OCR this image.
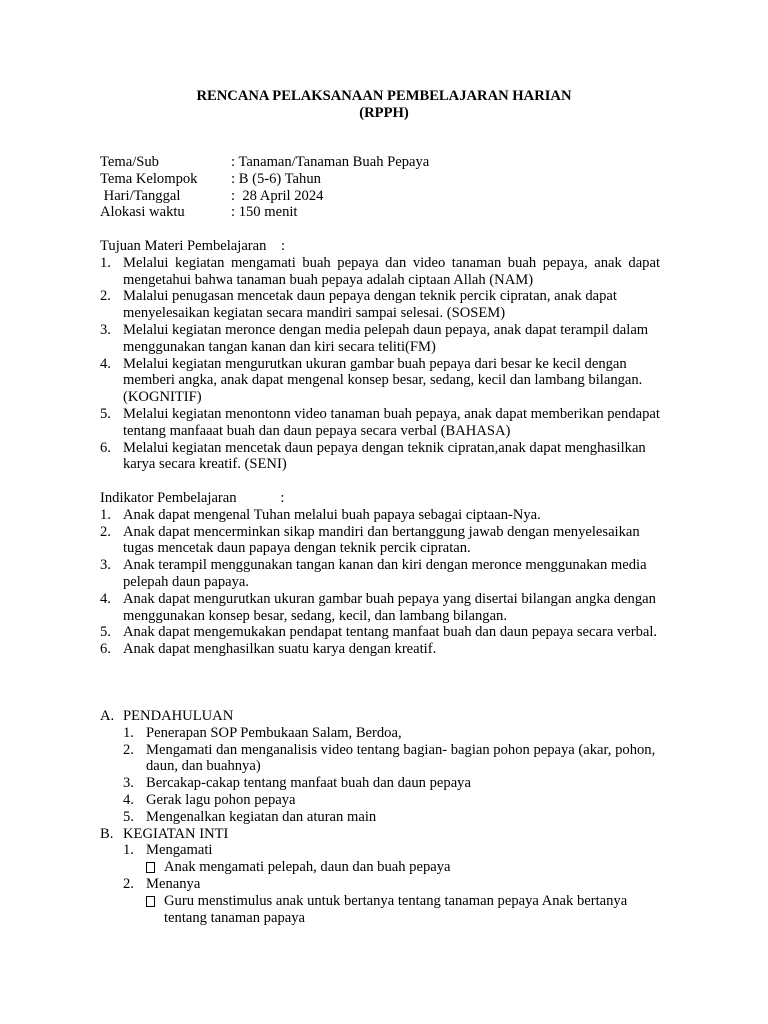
RENCANA PELAKSANAAN PEMBELAJARAN HARIAN
(RPPH)
Tema/Sub	: Tanaman/Tanaman Buah Pepaya
Tema Kelompok : B (5-6) Tahun
Hari/Tanggal	:  28 April 2024
Alokasi waktu	: 150 menit
Tujuan Materi Pembelajaran    :
1. Melalui kegiatan mengamati buah pepaya dan video tanaman buah pepaya, anak dapat mengetahui bahwa tanaman buah pepaya adalah ciptaan Allah (NAM)
2. Malalui penugasan mencetak daun pepaya dengan teknik percik cipratan, anak dapat menyelesaikan kegiatan secara mandiri sampai selesai. (SOSEM)
3. Melalui kegiatan meronce dengan media pelepah daun pepaya, anak dapat terampil dalam menggunakan tangan kanan dan kiri secara teliti(FM)
4. Melalui kegiatan mengurutkan ukuran gambar buah pepaya dari besar ke kecil dengan memberi angka, anak dapat mengenal konsep besar, sedang, kecil dan lambang bilangan. (KOGNITIF)
5. Melalui kegiatan menontonn video tanaman buah pepaya, anak dapat memberikan pendapat tentang manfaaat buah dan daun pepaya secara verbal (BAHASA)
6. Melalui kegiatan mencetak daun pepaya dengan teknik cipratan,anak dapat menghasilkan karya secara kreatif. (SENI)
Indikator Pembelajaran            :
1. Anak dapat mengenal Tuhan melalui buah papaya sebagai ciptaan-Nya.
2. Anak dapat mencerminkan sikap mandiri dan bertanggung jawab dengan menyelesaikan tugas mencetak daun papaya dengan teknik percik cipratan.
3. Anak terampil menggunakan tangan kanan dan kiri dengan meronce menggunakan media pelepah daun papaya.
4. Anak dapat mengurutkan ukuran gambar buah pepaya yang disertai bilangan angka dengan menggunakan konsep besar, sedang, kecil, dan lambang bilangan.
5. Anak dapat mengemukakan pendapat tentang manfaat buah dan daun pepaya secara verbal.
6. Anak dapat menghasilkan suatu karya dengan kreatif.
A. PENDAHULUAN
1. Penerapan SOP Pembukaan Salam, Berdoa,
2. Mengamati dan menganalisis video tentang bagian- bagian pohon pepaya (akar, pohon, daun, dan buahnya)
3. Bercakap-cakap tentang manfaat buah dan daun pepaya
4. Gerak lagu pohon pepaya
5. Mengenalkan kegiatan dan aturan main
B. KEGIATAN INTI
1. Mengamati
Anak mengamati pelepah, daun dan buah pepaya
2. Menanya
Guru menstimulus anak untuk bertanya tentang tanaman pepaya Anak bertanya tentang tanaman papaya
